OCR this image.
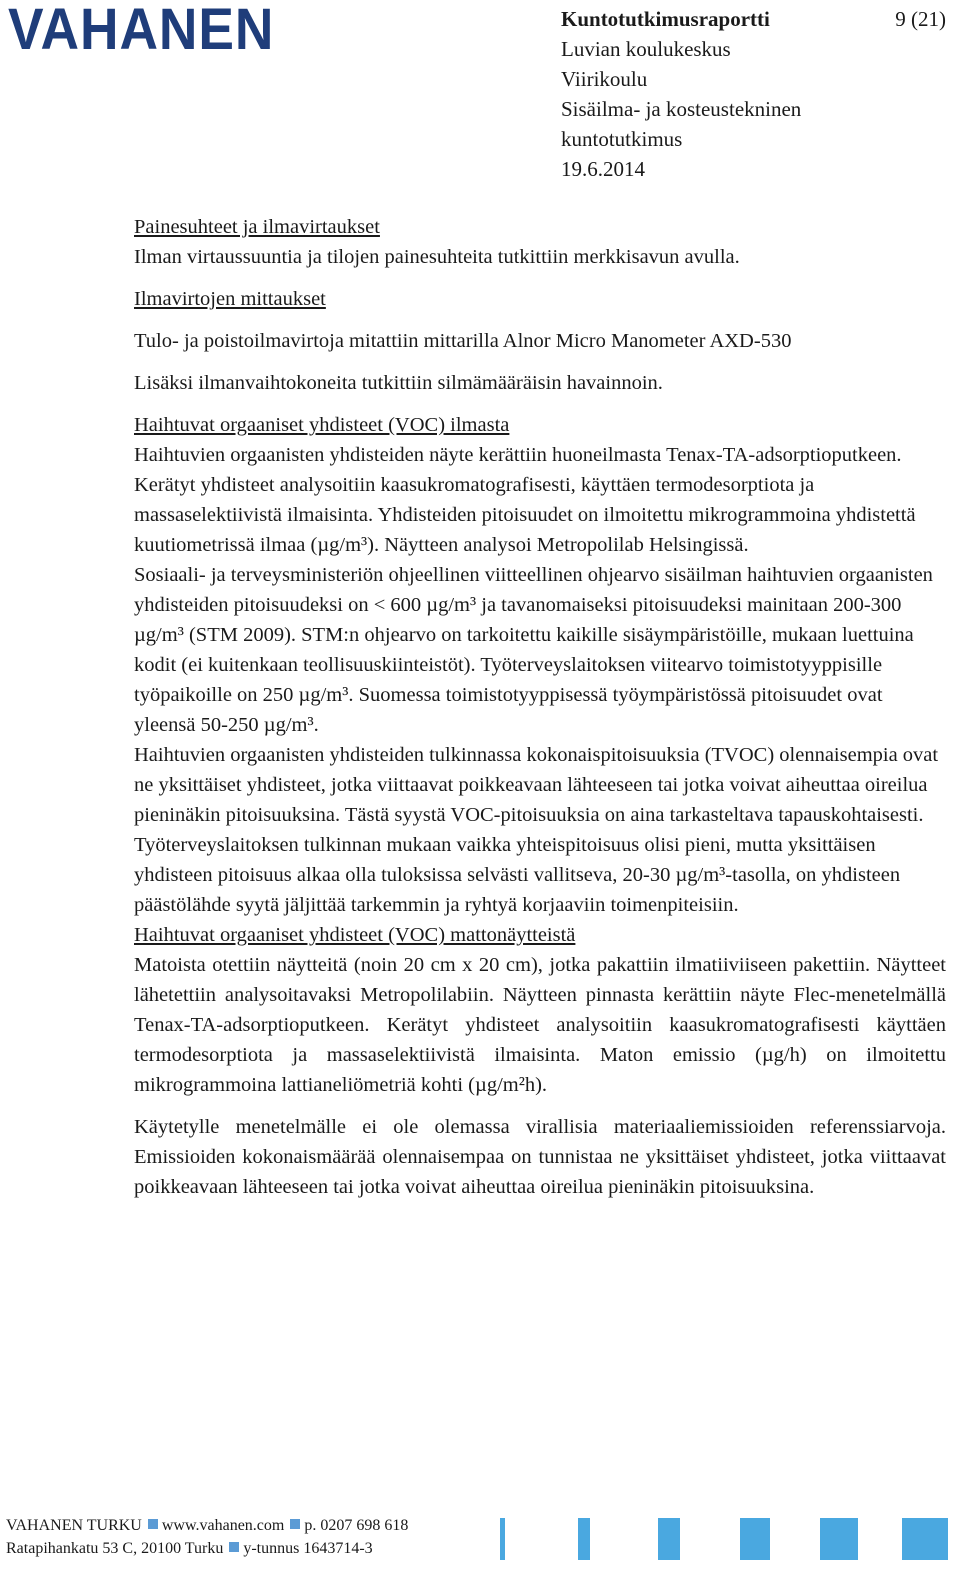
VAHANEN	Kuntotutkimusraportti
Luvian koulukeskus
Viirikoulu
Sisäilma- ja kosteustekninen
kuntotutkimus
19.6.2014
9 (21)

Painesuhteet ja ilmavirtaukset

Ilman virtaussuuntia ja tilojen painesuhteita tutkittiin merkkisavun avulla.

Ilmavirtojen mittaukset

Tulo- ja poistoilmavirtoja mitattiin mittarilla Alnor Micro Manometer AXD-530

Lisäksi ilmanvaihtokoneita tutkittiin silmämääräisin havainnoin.

Haihtuvat orgaaniset yhdisteet (VOC) ilmasta

Haihtuvien orgaanisten yhdisteiden näyte kerättiin huoneilmasta Tenax-TA-adsorptioputkeen. Kerätyt yhdisteet analysoitiin kaasukromatografisesti, käyttäen termodesorptiota ja massaselektiivistä ilmaisinta. Yhdisteiden pitoisuudet on ilmoitettu mikrogrammoina yhdistettä kuutiometrissä ilmaa (µg/m³). Näytteen analysoi Metropolilab Helsingissä.

Sosiaali- ja terveysministeriön ohjeellinen viitteellinen ohjearvo sisäilman haihtuvien orgaanisten yhdisteiden pitoisuudeksi on < 600 µg/m³ ja tavanomaiseksi pitoisuudeksi mainitaan 200-300 µg/m³ (STM 2009). STM:n ohjearvo on tarkoitettu kaikille sisäympäristöille, mukaan luettuina kodit (ei kuitenkaan teollisuuskiinteistöt). Työterveyslaitoksen viitearvo toimistotyyppisille työpaikoille on 250 µg/m³. Suomessa toimistotyyppisessä työympäristössä pitoisuudet ovat yleensä 50-250 µg/m³.

Haihtuvien orgaanisten yhdisteiden tulkinnassa kokonaispitoisuuksia (TVOC) olennaisempia ovat ne yksittäiset yhdisteet, jotka viittaavat poikkeavaan lähteeseen tai jotka voivat aiheuttaa oireilua pieninäkin pitoisuuksina. Tästä syystä VOC-pitoisuuksia on aina tarkasteltava tapauskohtaisesti.

Työterveyslaitoksen tulkinnan mukaan vaikka yhteispitoisuus olisi pieni, mutta yksittäisen yhdisteen pitoisuus alkaa olla tuloksissa selvästi vallitseva, 20-30 µg/m³-tasolla, on yhdisteen päästölähde syytä jäljittää tarkemmin ja ryhtyä korjaaviin toimenpiteisiin.

Haihtuvat orgaaniset yhdisteet (VOC) mattonäytteistä

Matoista otettiin näytteitä (noin 20 cm x 20 cm), jotka pakattiin ilmatiiviiseen pakettiin. Näytteet lähetettiin analysoitavaksi Metropolilabiin. Näytteen pinnasta kerättiin näyte Flec-menetelmällä Tenax-TA-adsorptioputkeen. Kerätyt yhdisteet analysoitiin kaasukromatografisesti käyttäen termodesorptiota ja massaselektiivistä ilmaisinta. Maton emissio (µg/h) on ilmoitettu mikrogrammoina lattianeliömetriä kohti (µg/m²h).

Käytetylle menetelmälle ei ole olemassa virallisia materiaaliemissioiden referenssiarvoja. Emissioiden kokonaismäärää olennaisempaa on tunnistaa ne yksittäiset yhdisteet, jotka viittaavat poikkeavaan lähteeseen tai jotka voivat aiheuttaa oireilua pieninäkin pitoisuuksina.

VAHANEN TURKU www.vahanen.com p. 0207 698 618
Ratapihankatu 53 C, 20100 Turku y-tunnus 1643714-3
